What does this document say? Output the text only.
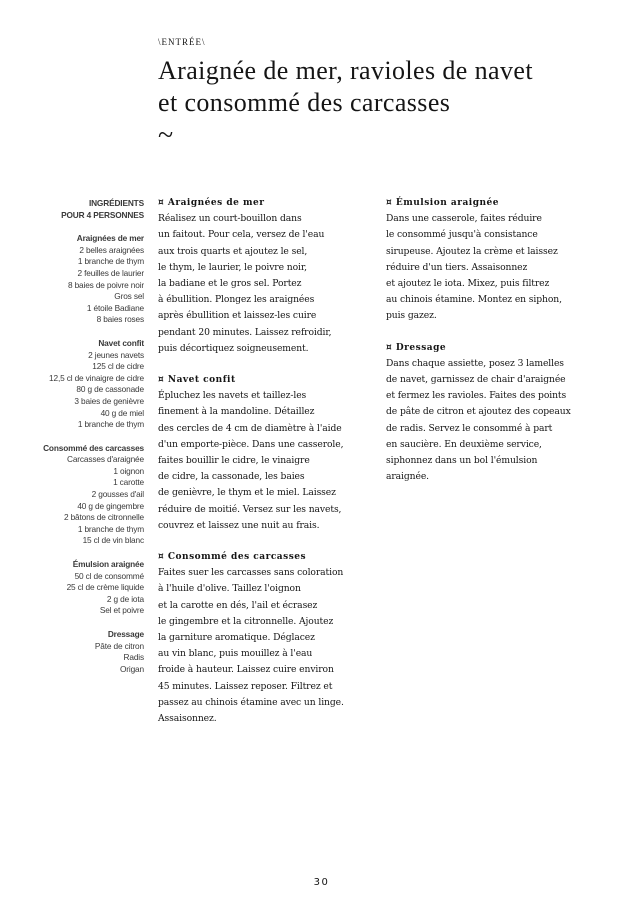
\ENTRÉE\
Araignée de mer, ravioles de navet
et consommé des carcasses
~
INGRÉDIENTS
POUR 4 PERSONNES
Araignées de mer
2 belles araignées
1 branche de thym
2 feuilles de laurier
8 baies de poivre noir
Gros sel
1 étoile Badiane
8 baies roses
Navet confit
2 jeunes navets
125 cl de cidre
12,5 cl de vinaigre de cidre
80 g de cassonade
3 baies de genièvre
40 g de miel
1 branche de thym
Consommé des carcasses
Carcasses d'araignée
1 oignon
1 carotte
2 gousses d'ail
40 g de gingembre
2 bâtons de citronnelle
1 branche de thym
15 cl de vin blanc
Émulsion araignée
50 cl de consommé
25 cl de crème liquide
2 g de iota
Sel et poivre
Dressage
Pâte de citron
Radis
Origan
¤ Araignées de mer
Réalisez un court-bouillon dans
un faitout. Pour cela, versez de l'eau
aux trois quarts et ajoutez le sel,
le thym, le laurier, le poivre noir,
la badiane et le gros sel. Portez
à ébullition. Plongez les araignées
après ébullition et laissez-les cuire
pendant 20 minutes. Laissez refroidir,
puis décortiquez soigneusement.
¤ Navet confit
Épluchez les navets et taillez-les
finement à la mandoline. Détaillez
des cercles de 4 cm de diamètre à l'aide
d'un emporte-pièce. Dans une casserole,
faites bouillir le cidre, le vinaigre
de cidre, la cassonade, les baies
de genièvre, le thym et le miel. Laissez
réduire de moitié. Versez sur les navets,
couvrez et laissez une nuit au frais.
¤ Consommé des carcasses
Faites suer les carcasses sans coloration
à l'huile d'olive. Taillez l'oignon
et la carotte en dés, l'ail et écrasez
le gingembre et la citronnelle. Ajoutez
la garniture aromatique. Déglacez
au vin blanc, puis mouillez à l'eau
froide à hauteur. Laissez cuire environ
45 minutes. Laissez reposer. Filtrez et
passez au chinois étamine avec un linge.
Assaisonnez.
¤ Émulsion araignée
Dans une casserole, faites réduire
le consommé jusqu'à consistance
sirupeuse. Ajoutez la crème et laissez
réduire d'un tiers. Assaisonnez
et ajoutez le iota. Mixez, puis filtrez
au chinois étamine. Montez en siphon,
puis gazez.
¤ Dressage
Dans chaque assiette, posez 3 lamelles
de navet, garnissez de chair d'araignée
et fermez les ravioles. Faites des points
de pâte de citron et ajoutez des copeaux
de radis. Servez le consommé à part
en saucière. En deuxième service,
siphonnez dans un bol l'émulsion
araignée.
30
